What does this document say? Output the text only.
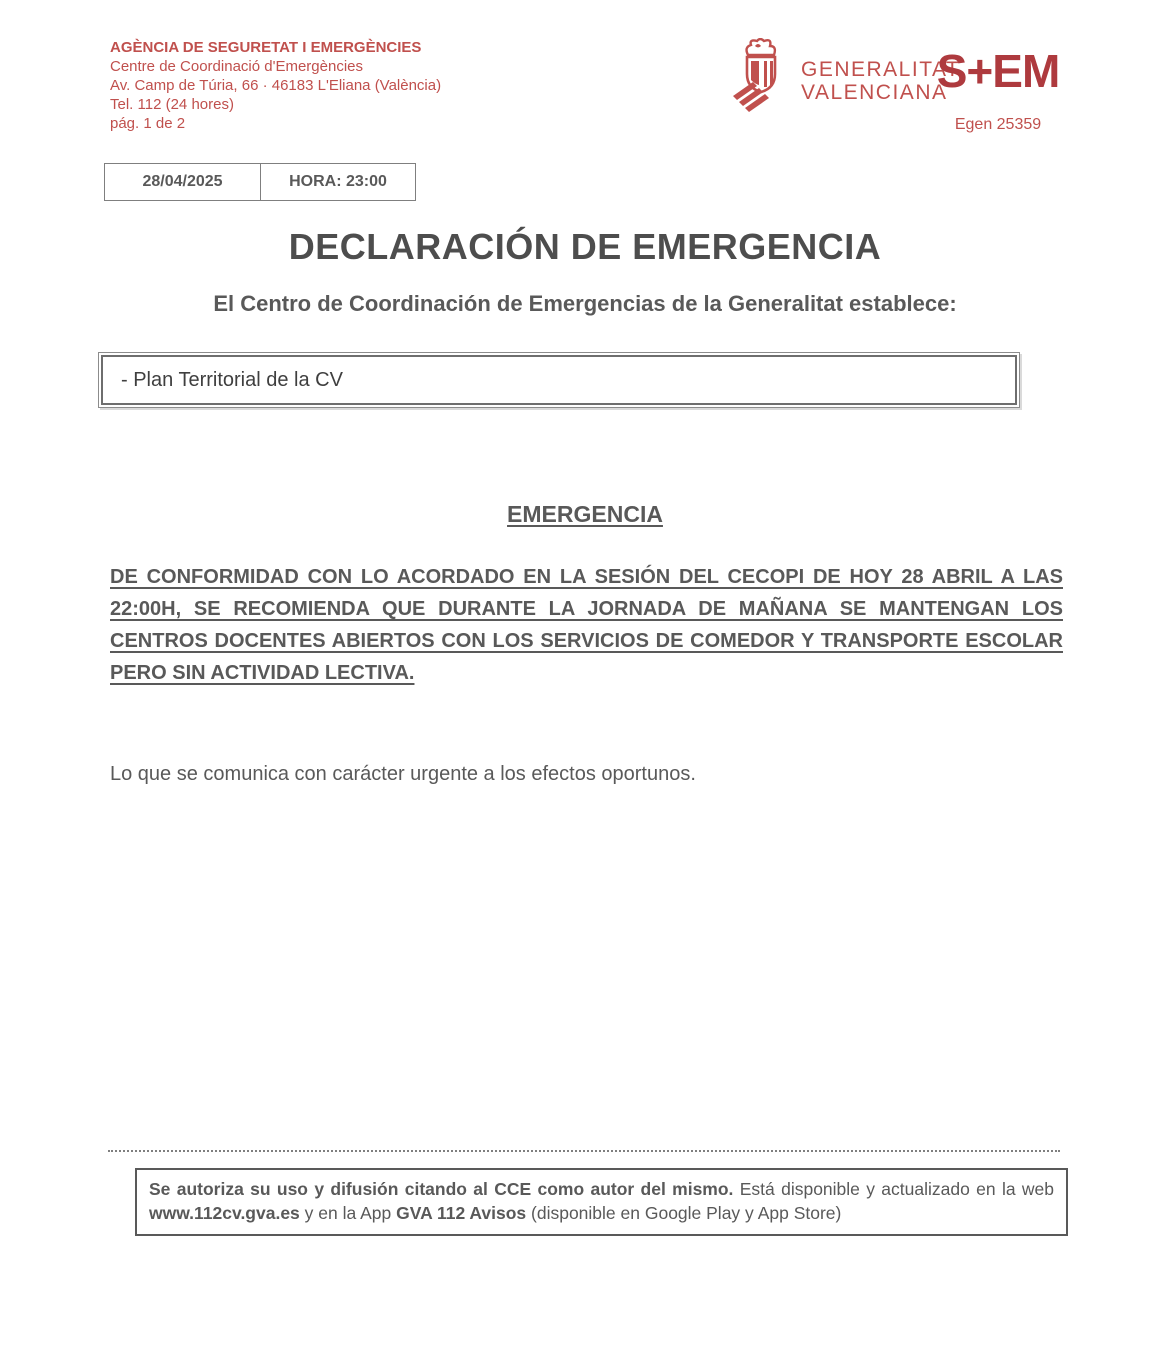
AGÈNCIA DE SEGURETAT I EMERGÈNCIES
Centre de Coordinació d'Emergències
Av. Camp de Túria, 66 · 46183 L'Eliana (València)
Tel. 112 (24 hores)
pág. 1 de 2
GENERALITAT
VALENCIANA
S+EM
Egen 25359
28/04/2025	HORA: 23:00
DECLARACIÓN DE EMERGENCIA
El Centro de Coordinación de Emergencias de la Generalitat establece:
- Plan Territorial de la CV
EMERGENCIA
DE CONFORMIDAD CON LO ACORDADO EN LA SESIÓN DEL CECOPI DE HOY 28 ABRIL A LAS 22:00H, SE RECOMIENDA QUE DURANTE LA JORNADA DE MAÑANA SE MANTENGAN LOS CENTROS DOCENTES ABIERTOS CON LOS SERVICIOS DE COMEDOR Y TRANSPORTE ESCOLAR PERO SIN ACTIVIDAD LECTIVA.
Lo que se comunica con carácter urgente a los efectos oportunos.
Se autoriza su uso y difusión citando al CCE como autor del mismo. Está disponible y actualizado en la web www.112cv.gva.es y en la App GVA 112 Avisos (disponible en Google Play y App Store)
